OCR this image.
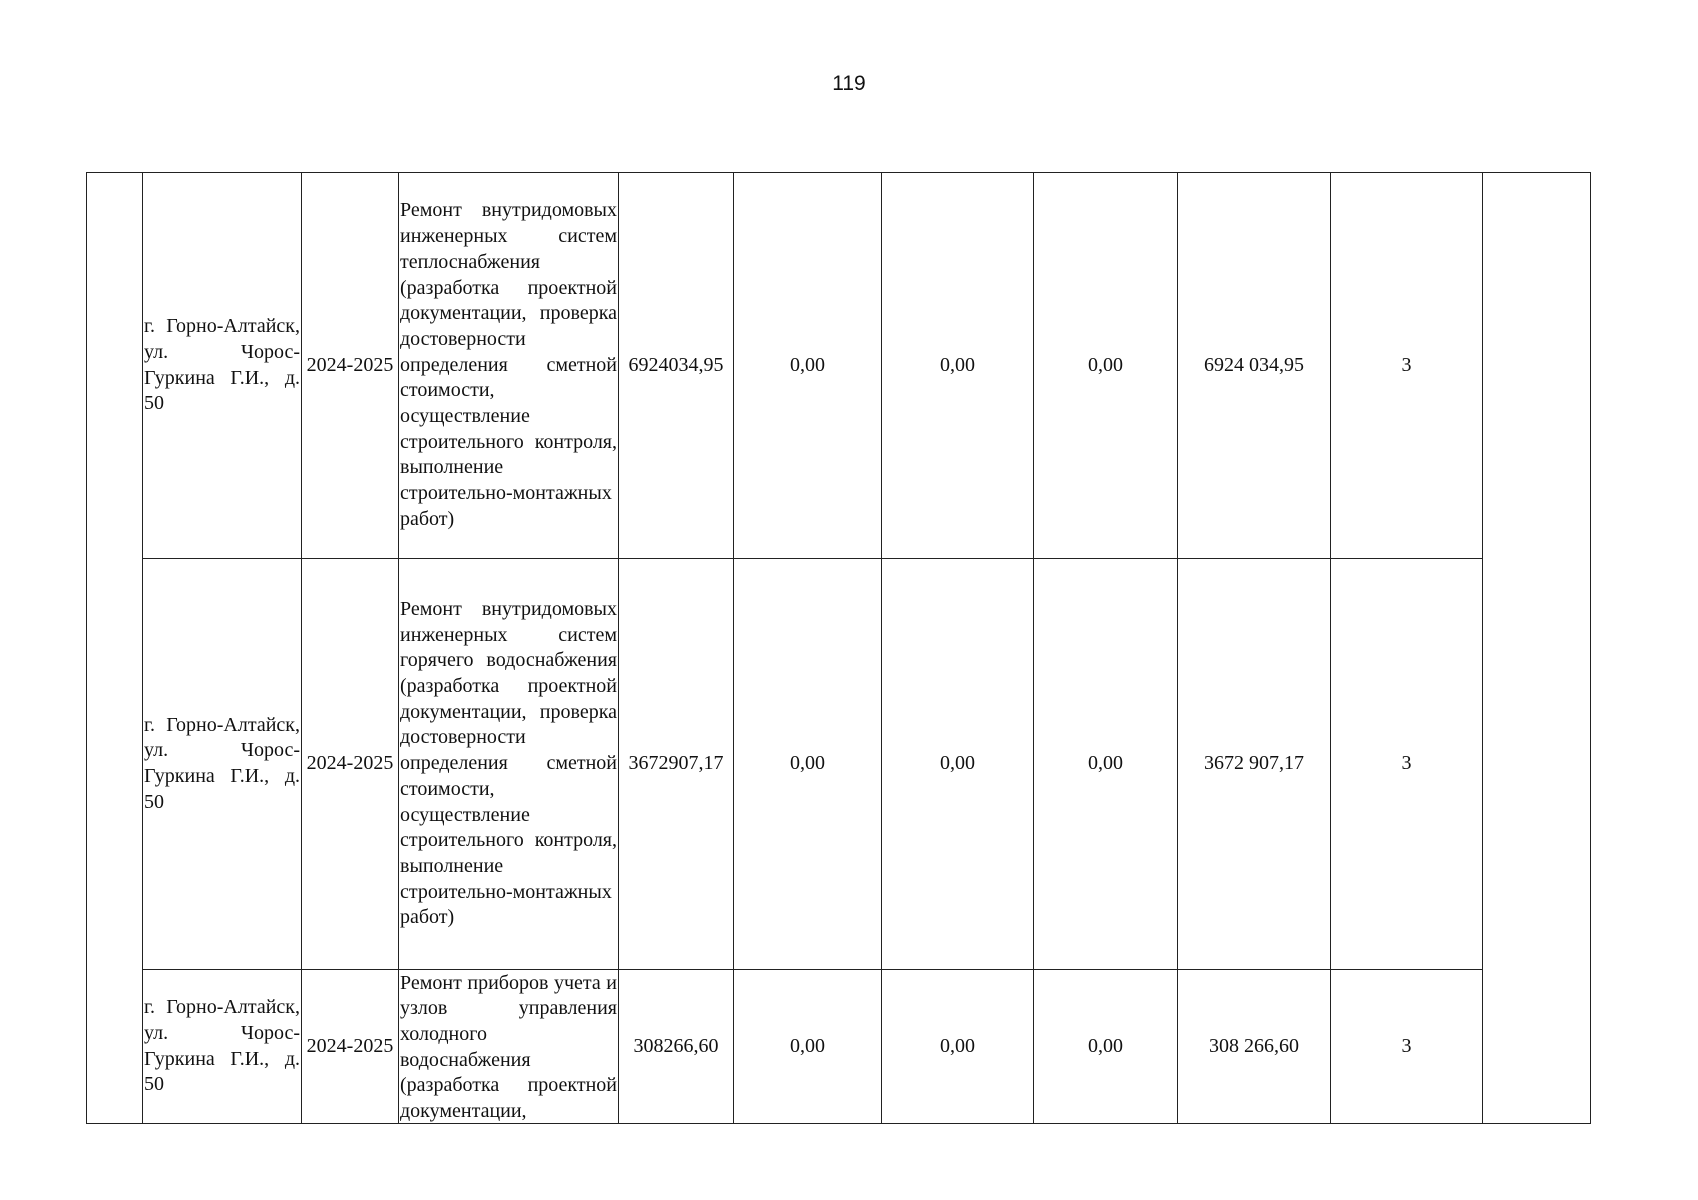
119
	г. Горно-Алтайск, ул. Чорос-Гуркина Г.И., д. 50	2024-2025	Ремонт внутридомовых инженерных систем теплоснабжения (разработка проектной документации, проверка достоверности определения сметной стоимости, осуществление строительного контроля, выполнение строительно-монтажных работ)	6924034,95	0,00	0,00	0,00	6924 034,95	3	
	г. Горно-Алтайск, ул. Чорос-Гуркина Г.И., д. 50	2024-2025	Ремонт внутридомовых инженерных систем горячего водоснабжения (разработка проектной документации, проверка достоверности определения сметной стоимости, осуществление строительного контроля, выполнение строительно-монтажных работ)	3672907,17	0,00	0,00	0,00	3672 907,17	3	
	г. Горно-Алтайск, ул. Чорос-Гуркина Г.И., д. 50	2024-2025	Ремонт приборов учета и узлов управления холодного водоснабжения (разработка проектной документации,	308266,60	0,00	0,00	0,00	308 266,60	3	
